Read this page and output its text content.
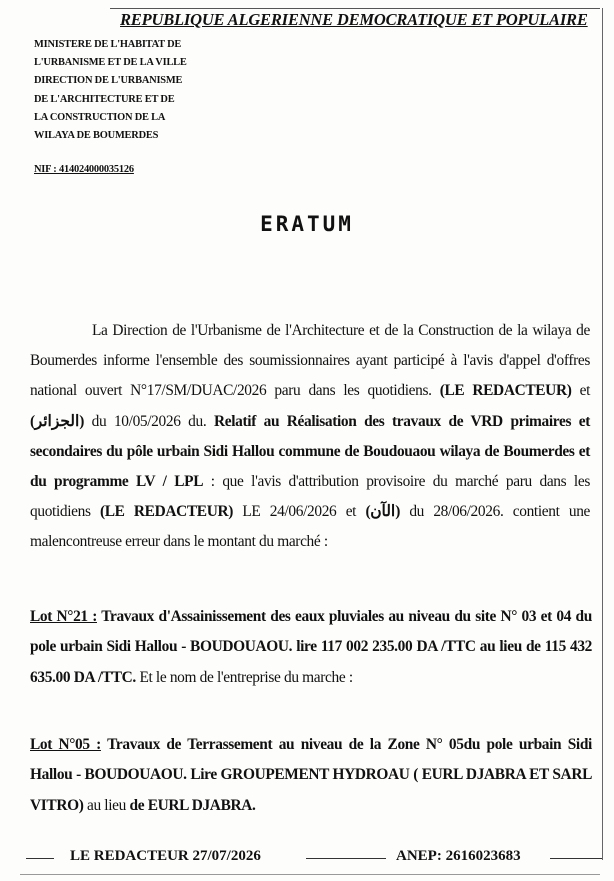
REPUBLIQUE ALGERIENNE DEMOCRATIQUE ET POPULAIRE
MINISTERE DE L'HABITAT DE
L'URBANISME ET DE LA VILLE
DIRECTION DE L'URBANISME
DE L'ARCHITECTURE ET DE
LA CONSTRUCTION DE LA
WILAYA DE BOUMERDES
NIF : 414024000035126
ERATUM
La Direction de l'Urbanisme de l'Architecture et de la Construction de la wilaya de Boumerdes informe l'ensemble des soumissionnaires ayant participé à l'avis d'appel d'offres national ouvert N°17/SM/DUAC/2026 paru dans les quotidiens. (LE REDACTEUR) et (الجزائر) du 10/05/2026 du. Relatif au Réalisation des travaux de VRD primaires et secondaires du pôle urbain Sidi Hallou commune de Boudouaou wilaya de Boumerdes et du programme LV / LPL : que l'avis d'attribution provisoire du marché paru dans les quotidiens (LE REDACTEUR) LE 24/06/2026 et (الآن) du 28/06/2026. contient une malencontreuse erreur dans le montant du marché :
Lot N°21 : Travaux d'Assainissement des eaux pluviales au niveau du site N° 03 et 04 du pole urbain Sidi Hallou - BOUDOUAOU. lire 117 002 235.00 DA /TTC au lieu de 115 432 635.00 DA /TTC. Et le nom de l'entreprise du marche :
Lot N°05 : Travaux de Terrassement au niveau de la Zone N° 05du pole urbain Sidi Hallou - BOUDOUAOU. Lire GROUPEMENT HYDROAU ( EURL DJABRA ET SARL VITRO) au lieu de EURL DJABRA.
LE REDACTEUR 27/07/2026	ANEP: 2616023683
